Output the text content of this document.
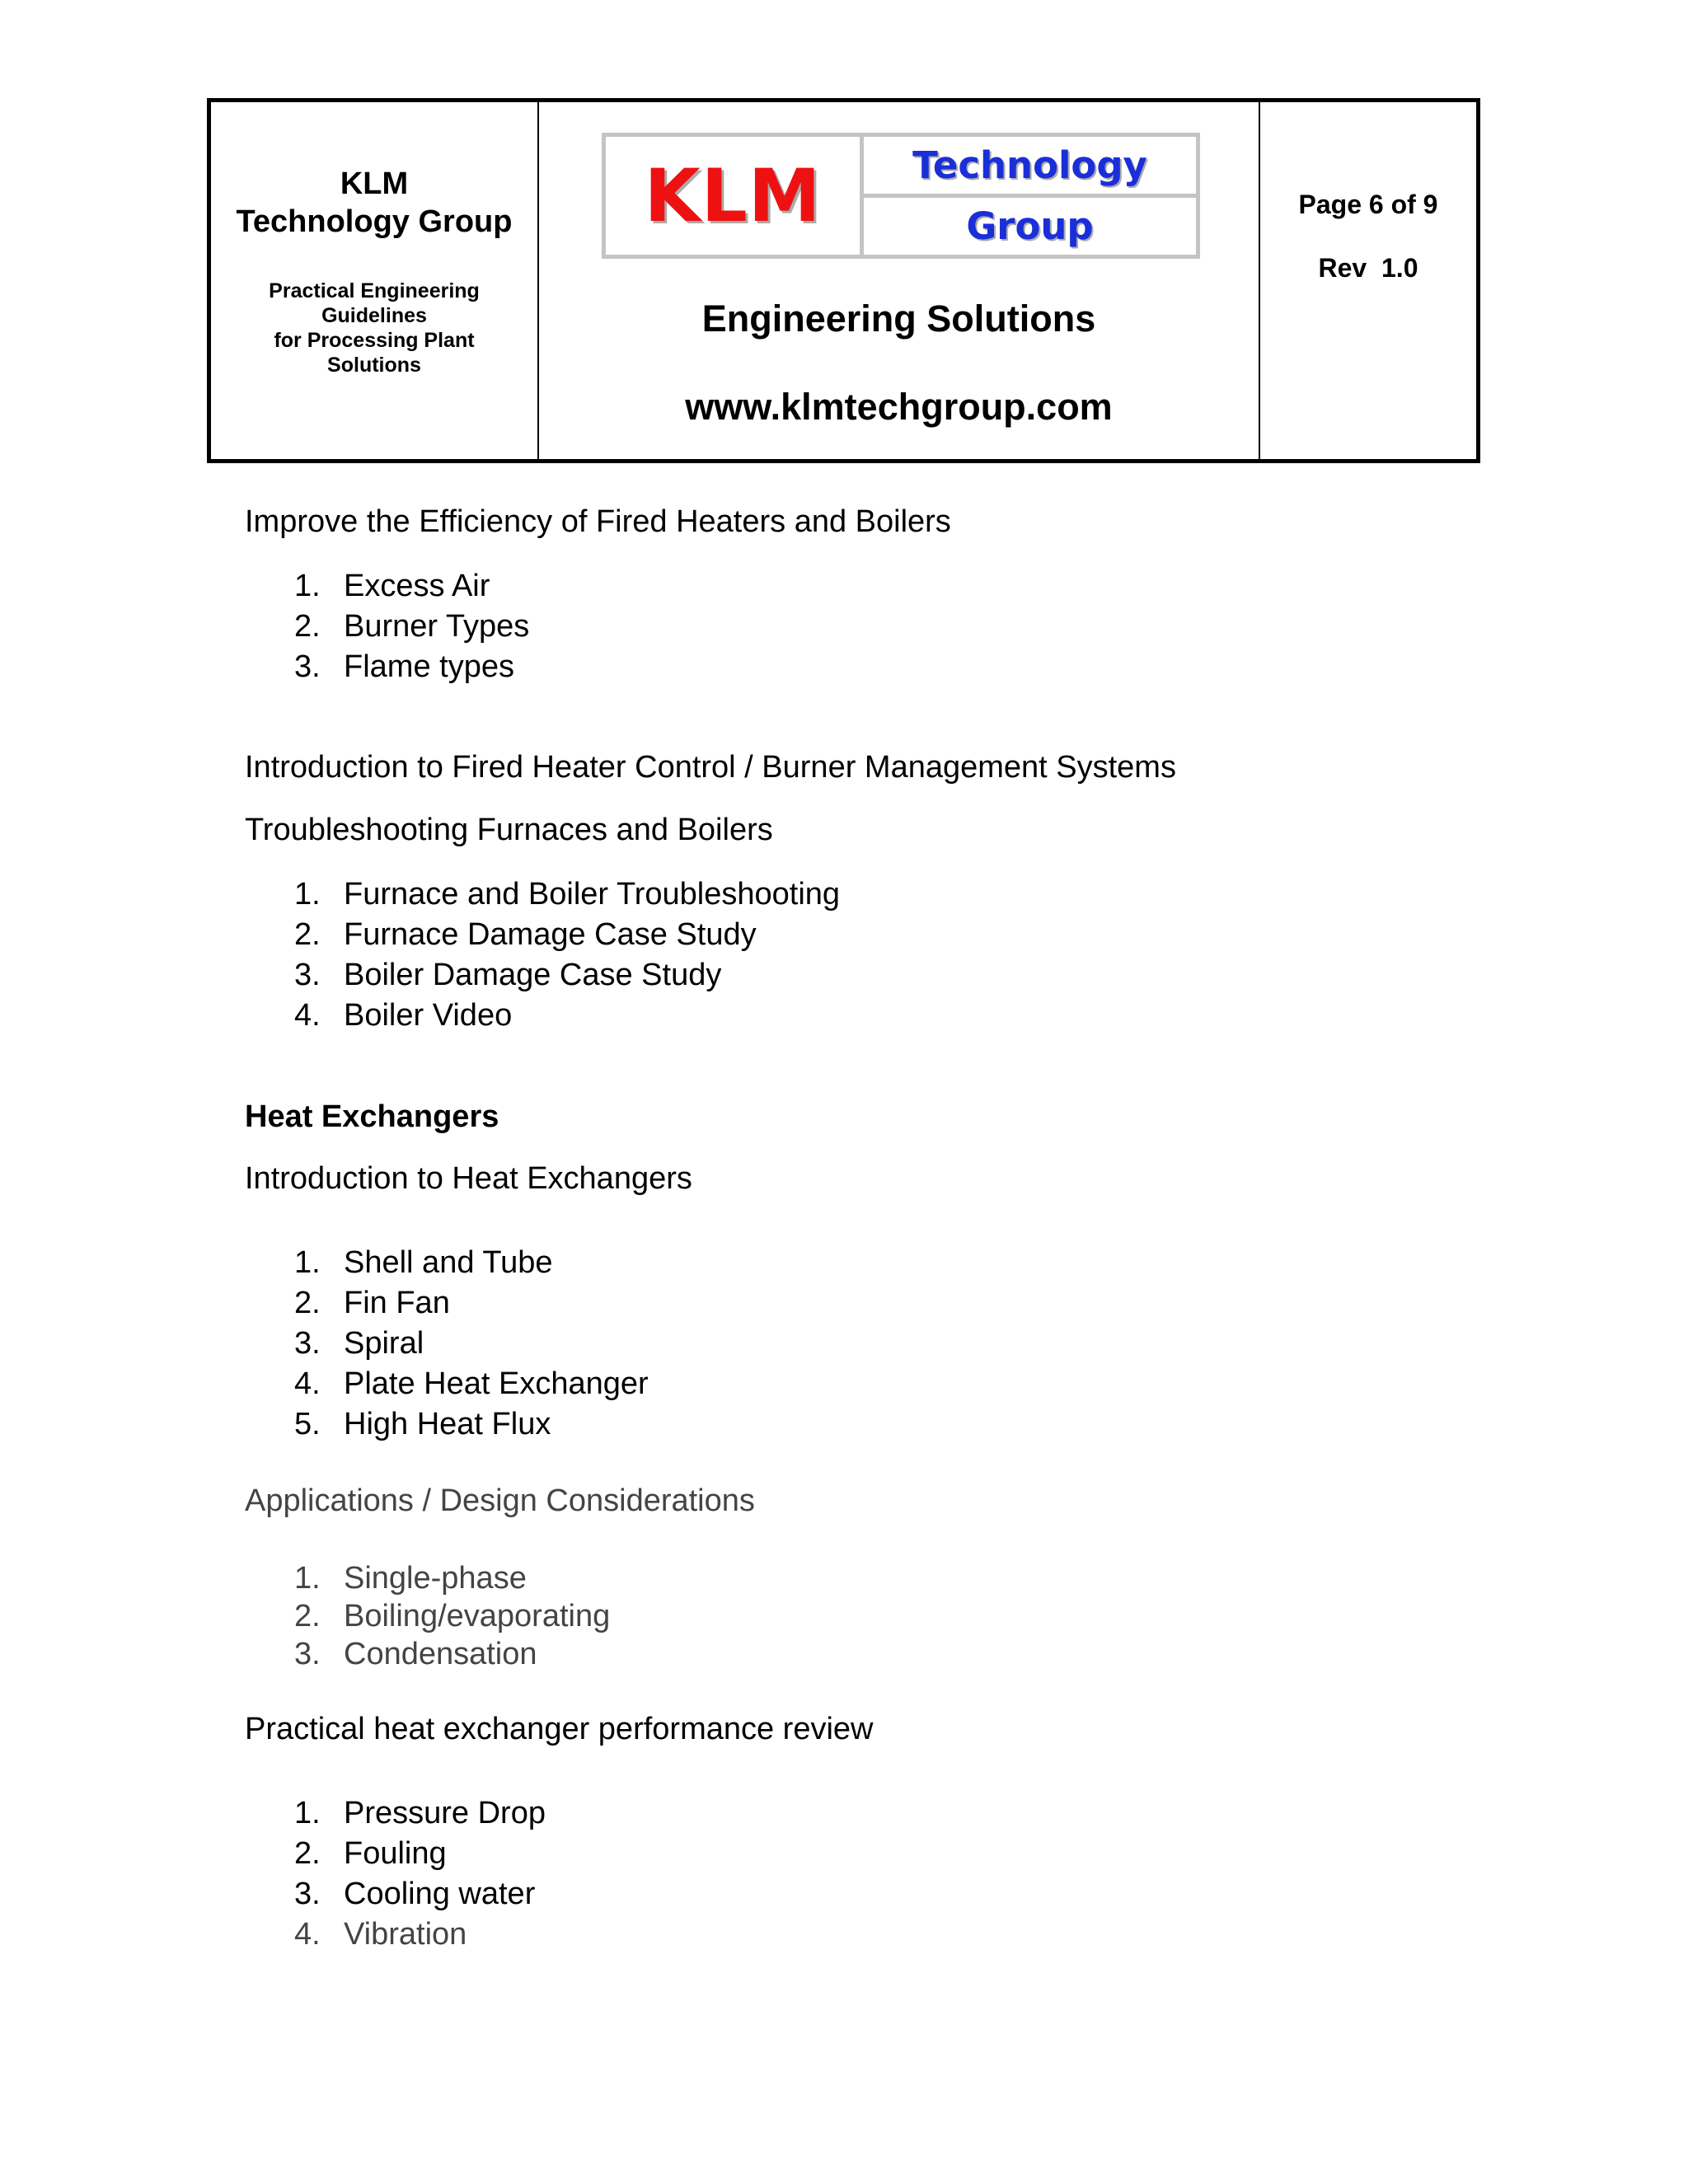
KLM
Technology Group
Practical Engineering
Guidelines
for Processing Plant
Solutions
KLM	Technology
Group
Engineering Solutions
www.klmtechgroup.com
Page 6 of 9
Rev  1.0
Improve the Efficiency of Fired Heaters and Boilers
1. Excess Air
2. Burner Types
3. Flame types
Introduction to Fired Heater Control / Burner Management Systems
Troubleshooting Furnaces and Boilers
1. Furnace and Boiler Troubleshooting
2. Furnace Damage Case Study
3. Boiler Damage Case Study
4. Boiler Video
Heat Exchangers
Introduction to Heat Exchangers
1. Shell and Tube
2. Fin Fan
3. Spiral
4. Plate Heat Exchanger
5. High Heat Flux
Applications / Design Considerations
1. Single-phase
2. Boiling/evaporating
3. Condensation
Practical heat exchanger performance review
1. Pressure Drop
2. Fouling
3. Cooling water
4. Vibration
